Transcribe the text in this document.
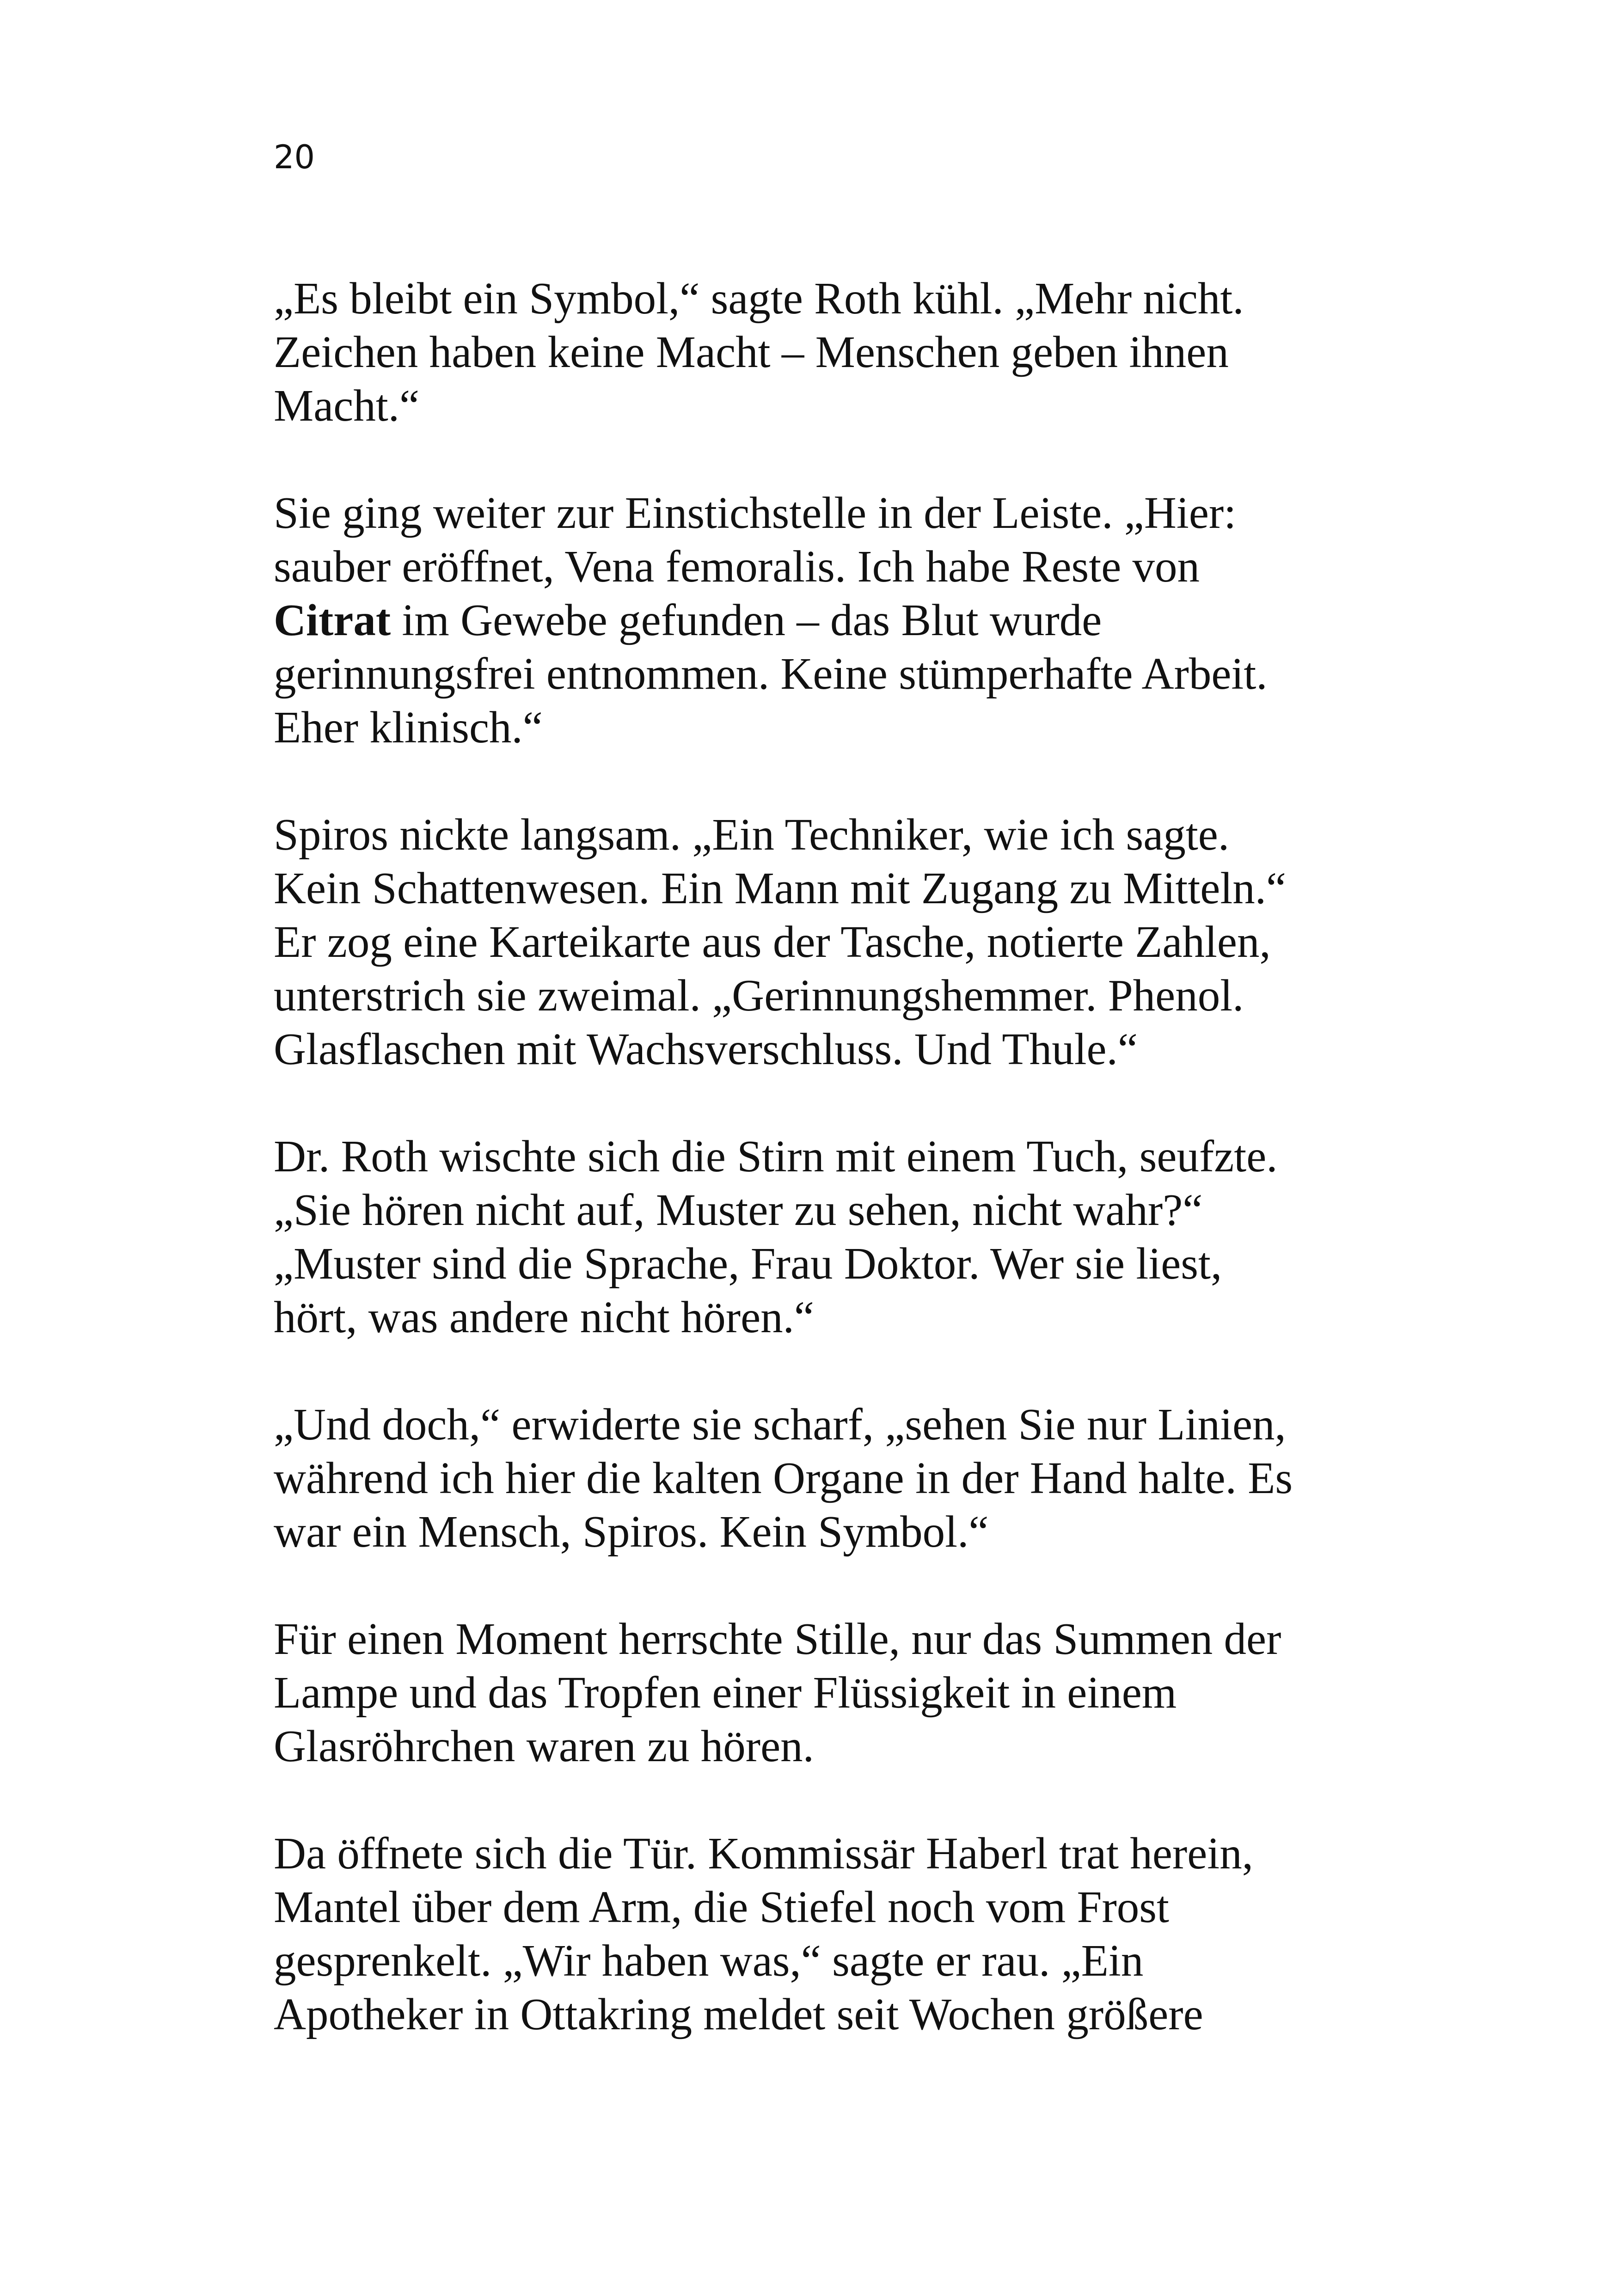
20

„Es bleibt ein Symbol,“ sagte Roth kühl. „Mehr nicht.
Zeichen haben keine Macht – Menschen geben ihnen
Macht.“

Sie ging weiter zur Einstichstelle in der Leiste. „Hier:
sauber eröffnet, Vena femoralis. Ich habe Reste von
Citrat im Gewebe gefunden – das Blut wurde
gerinnungsfrei entnommen. Keine stümperhafte Arbeit.
Eher klinisch.“

Spiros nickte langsam. „Ein Techniker, wie ich sagte.
Kein Schattenwesen. Ein Mann mit Zugang zu Mitteln.“
Er zog eine Karteikarte aus der Tasche, notierte Zahlen,
unterstrich sie zweimal. „Gerinnungshemmer. Phenol.
Glasflaschen mit Wachsverschluss. Und Thule.“

Dr. Roth wischte sich die Stirn mit einem Tuch, seufzte.
„Sie hören nicht auf, Muster zu sehen, nicht wahr?“
„Muster sind die Sprache, Frau Doktor. Wer sie liest,
hört, was andere nicht hören.“

„Und doch,“ erwiderte sie scharf, „sehen Sie nur Linien,
während ich hier die kalten Organe in der Hand halte. Es
war ein Mensch, Spiros. Kein Symbol.“

Für einen Moment herrschte Stille, nur das Summen der
Lampe und das Tropfen einer Flüssigkeit in einem
Glasröhrchen waren zu hören.

Da öffnete sich die Tür. Kommissär Haberl trat herein,
Mantel über dem Arm, die Stiefel noch vom Frost
gesprenkelt. „Wir haben was,“ sagte er rau. „Ein
Apotheker in Ottakring meldet seit Wochen größere
